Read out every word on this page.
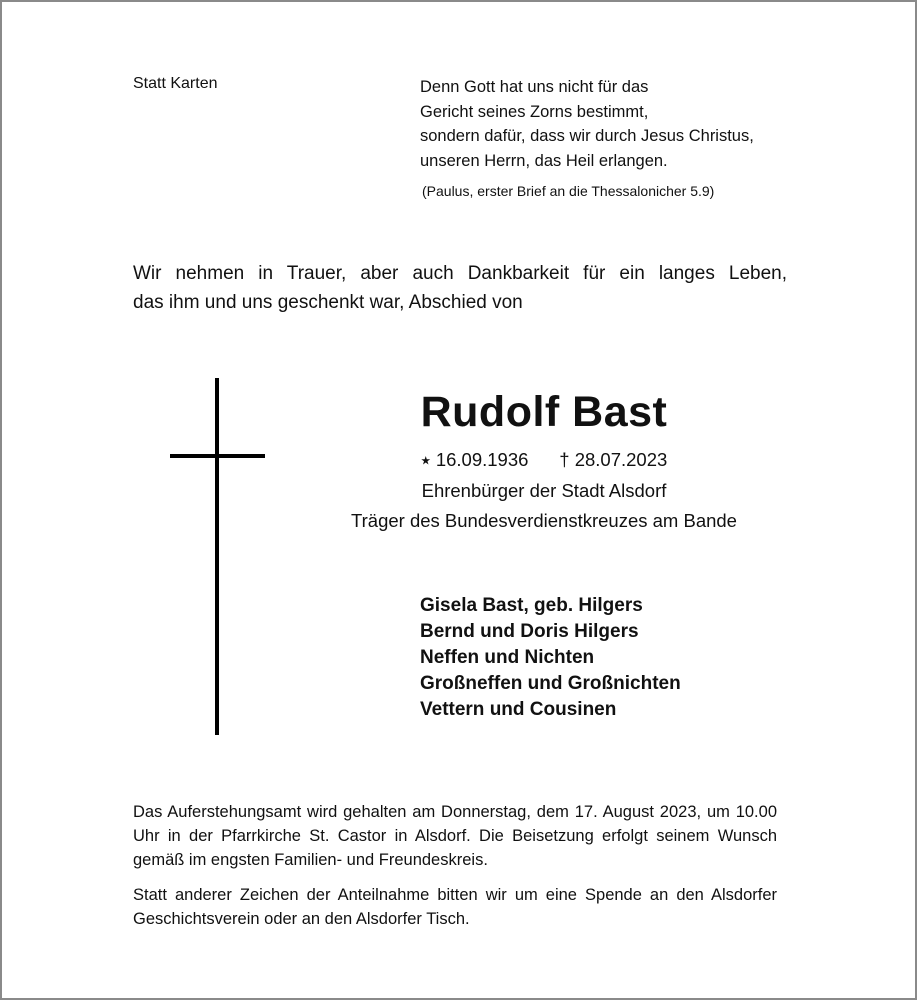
Statt Karten	Denn Gott hat uns nicht für das
Gericht seines Zorns bestimmt,
sondern dafür, dass wir durch Jesus Christus,
unseren Herrn, das Heil erlangen.
(Paulus, erster Brief an die Thessalonicher 5.9)
Wir nehmen in Trauer, aber auch Dankbarkeit für ein langes Leben,
das ihm und uns geschenkt war, Abschied von
Rudolf Bast
⭑ 16.09.1936 † 28.07.2023
Ehrenbürger der Stadt Alsdorf
Träger des Bundesverdienstkreuzes am Bande
Gisela Bast, geb. Hilgers
Bernd und Doris Hilgers
Neffen und Nichten
Großneffen und Großnichten
Vettern und Cousinen
Das Auferstehungsamt wird gehalten am Donnerstag, dem 17. August 2023, um 10.00 Uhr in der Pfarrkirche St. Castor in Alsdorf. Die Beisetzung erfolgt seinem Wunsch gemäß im engsten Familien- und Freundeskreis.
Statt anderer Zeichen der Anteilnahme bitten wir um eine Spende an den Alsdorfer Geschichtsverein oder an den Alsdorfer Tisch.
